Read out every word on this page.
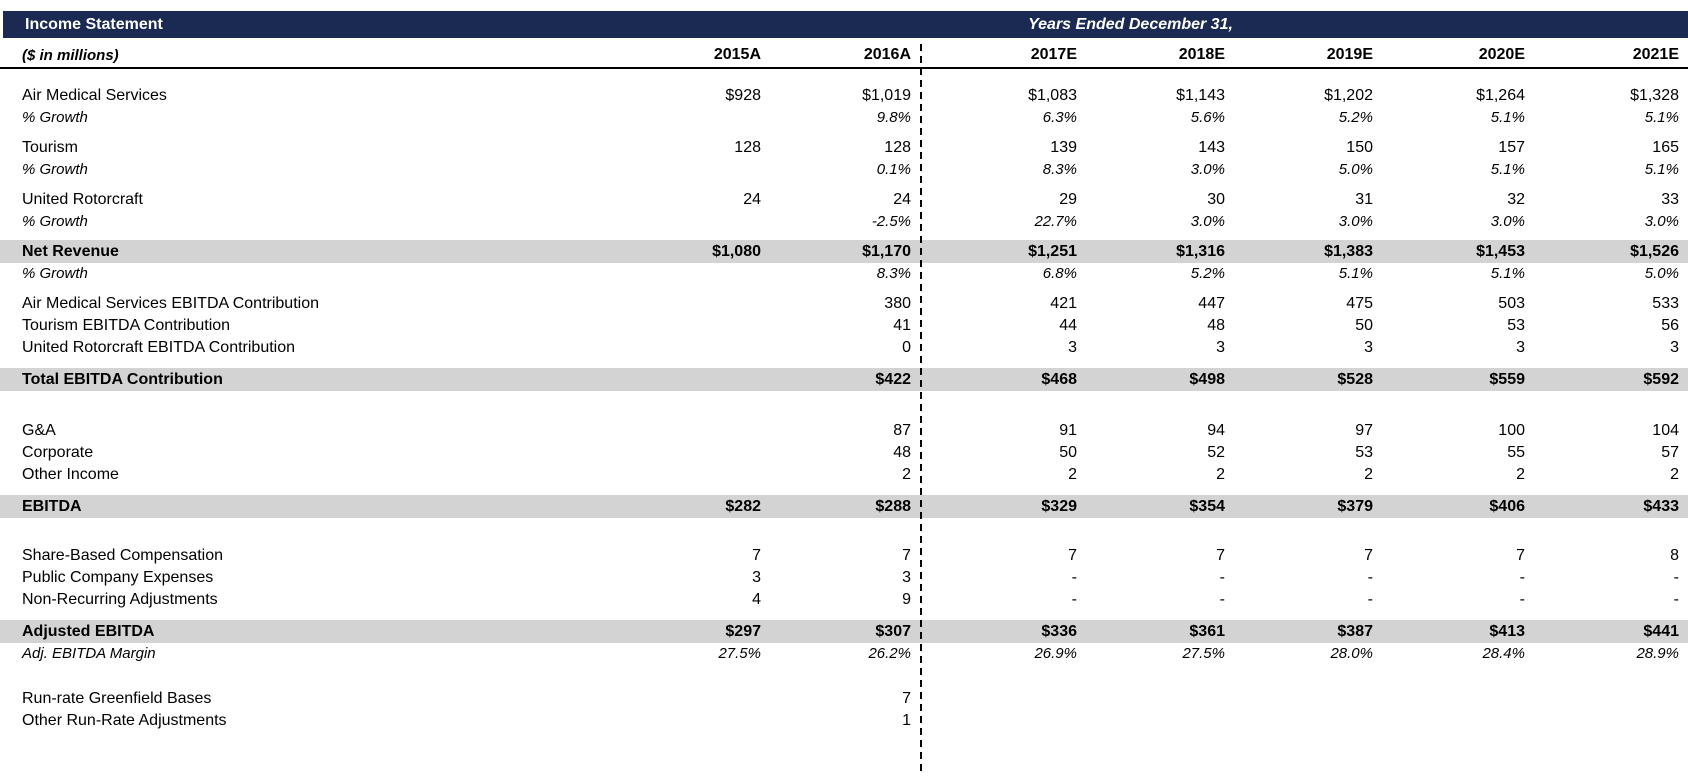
Income Statement	Years Ended December 31,
($ in millions)	2015A	2016A	2017E	2018E	2019E	2020E	2021E

Air Medical Services	$928	$1,019	$1,083	$1,143	$1,202	$1,264	$1,328
% Growth		9.8%	6.3%	5.6%	5.2%	5.1%	5.1%

Tourism	128	128	139	143	150	157	165
% Growth		0.1%	8.3%	3.0%	5.0%	5.1%	5.1%

United Rotorcraft	24	24	29	30	31	32	33
% Growth		-2.5%	22.7%	3.0%	3.0%	3.0%	3.0%

Net Revenue	$1,080	$1,170	$1,251	$1,316	$1,383	$1,453	$1,526
% Growth		8.3%	6.8%	5.2%	5.1%	5.1%	5.0%

Air Medical Services EBITDA Contribution		380	421	447	475	503	533
Tourism EBITDA Contribution		41	44	48	50	53	56
United Rotorcraft EBITDA Contribution		0	3	3	3	3	3

Total EBITDA Contribution		$422	$468	$498	$528	$559	$592

G&A		87	91	94	97	100	104
Corporate		48	50	52	53	55	57
Other Income		2	2	2	2	2	2

EBITDA	$282	$288	$329	$354	$379	$406	$433

Share-Based Compensation	7	7	7	7	7	7	8
Public Company Expenses	3	3	-	-	-	-	-
Non-Recurring Adjustments	4	9	-	-	-	-	-

Adjusted EBITDA	$297	$307	$336	$361	$387	$413	$441
Adj. EBITDA Margin	27.5%	26.2%	26.9%	27.5%	28.0%	28.4%	28.9%

Run-rate Greenfield Bases		7					
Other Run-Rate Adjustments		1					
